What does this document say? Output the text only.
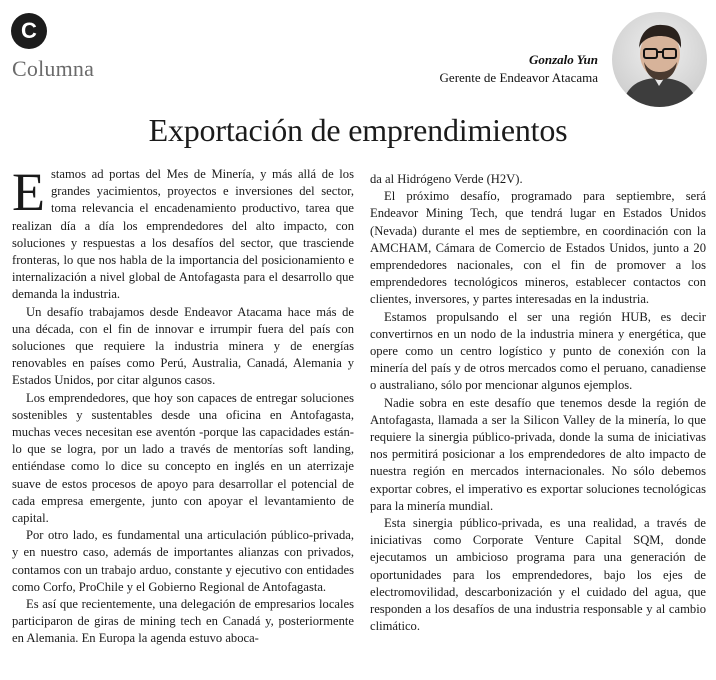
C
Columna	Gonzalo Yun
Gerente de Endeavor Atacama
Exportación de emprendimientos

Estamos ad portas del Mes de Minería, y más allá de los grandes yacimientos, proyectos e inversiones del sector, toma relevancia el encadenamiento productivo, tarea que realizan día a día los emprendedores del alto impacto, con soluciones y respuestas a los desafíos del sector, que trasciende fronteras, lo que nos habla de la importancia del posicionamiento e internalización a nivel global de Antofagasta para el desarrollo que demanda la industria.

Un desafío trabajamos desde Endeavor Atacama hace más de una década, con el fin de innovar e irrumpir fuera del país con soluciones que requiere la industria minera y de energías renovables en países como Perú, Australia, Canadá, Alemania y Estados Unidos, por citar algunos casos.

Los emprendedores, que hoy son capaces de entregar soluciones sostenibles y sustentables desde una oficina en Antofagasta, muchas veces necesitan ese aventón -porque las capacidades están- lo que se logra, por un lado a través de mentorías soft landing, entiéndase como lo dice su concepto en inglés en un aterrizaje suave de estos procesos de apoyo para desarrollar el potencial de cada empresa emergente, junto con apoyar el levantamiento de capital.

Por otro lado, es fundamental una articulación público-privada, y en nuestro caso, además de importantes alianzas con privados, contamos con un trabajo arduo, constante y ejecutivo con entidades como Corfo, ProChile y el Gobierno Regional de Antofagasta.

Es así que recientemente, una delegación de empresarios locales participaron de giras de mining tech en Canadá y, posteriormente en Alemania. En Europa la agenda estuvo aboca-

da al Hidrógeno Verde (H2V).

El próximo desafío, programado para septiembre, será Endeavor Mining Tech, que tendrá lugar en Estados Unidos (Nevada) durante el mes de septiembre, en coordinación con la AMCHAM, Cámara de Comercio de Estados Unidos, junto a 20 emprendedores nacionales, con el fin de promover a los emprendedores tecnológicos mineros, establecer contactos con clientes, inversores, y partes interesadas en la industria.

Estamos propulsando el ser una región HUB, es decir convertirnos en un nodo de la industria minera y energética, que opere como un centro logístico y punto de conexión con la minería del país y de otros mercados como el peruano, canadiense o australiano, sólo por mencionar algunos ejemplos.

Nadie sobra en este desafío que tenemos desde la región de Antofagasta, llamada a ser la Silicon Valley de la minería, lo que requiere la sinergia público-privada, donde la suma de iniciativas nos permitirá posicionar a los emprendedores de alto impacto de nuestra región en mercados internacionales. No sólo debemos exportar cobres, el imperativo es exportar soluciones tecnológicas para la minería mundial.

Esta sinergia público-privada, es una realidad, a través de iniciativas como Corporate Venture Capital SQM, donde ejecutamos un ambicioso programa para una generación de oportunidades para los emprendedores, bajo los ejes de electromovilidad, descarbonización y el cuidado del agua, que responden a los desafíos de una industria responsable y al cambio climático.
